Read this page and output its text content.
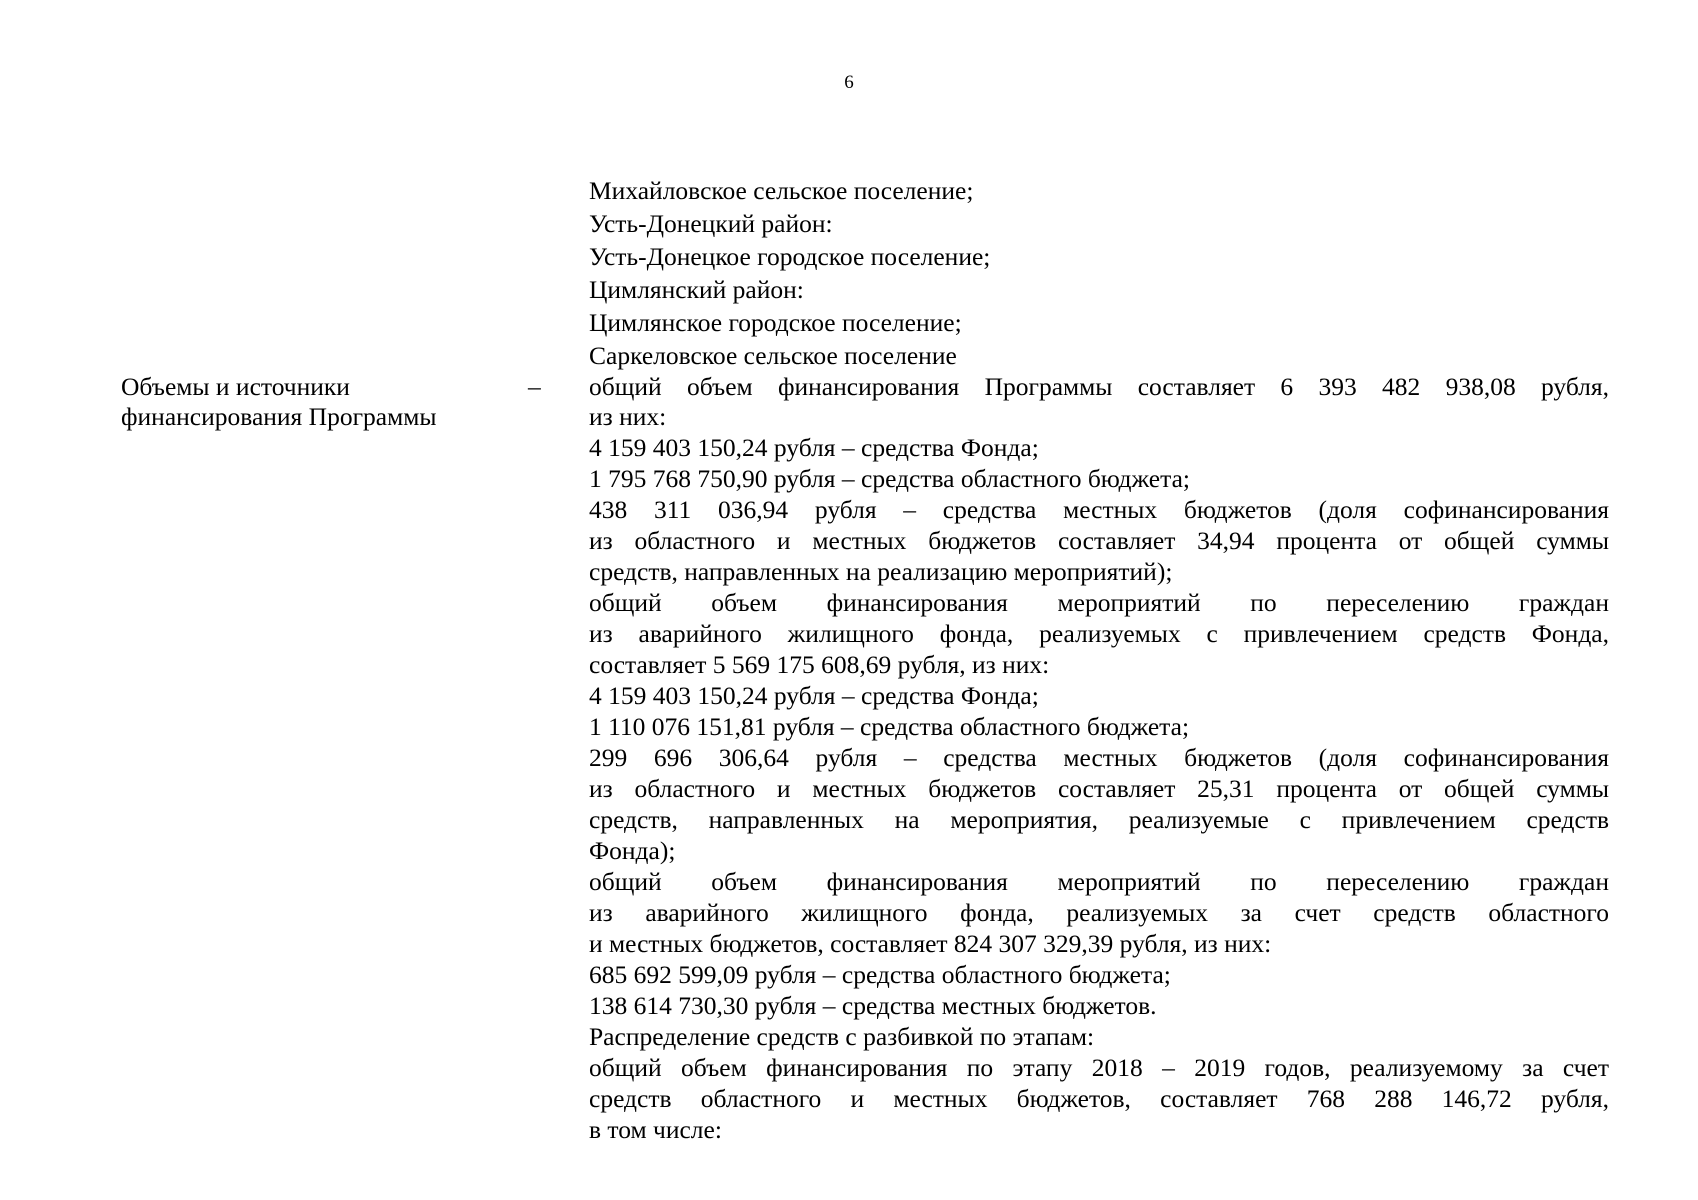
6
Объемы и источники
финансирования Программы
–
Михайловское сельское поселение;
Усть-Донецкий район:
Усть-Донецкое городское поселение;
Цимлянский район:
Цимлянское городское поселение;
Саркеловское сельское поселение
общий объем финансирования Программы составляет 6 393 482 938,08 рубля,
из них:
4 159 403 150,24 рубля – средства Фонда;
1 795 768 750,90 рубля – средства областного бюджета;
438 311 036,94 рубля – средства местных бюджетов (доля софинансирования
из областного и местных бюджетов составляет 34,94 процента от общей суммы
средств, направленных на реализацию мероприятий);
общий объем финансирования мероприятий по переселению граждан
из аварийного жилищного фонда, реализуемых с привлечением средств Фонда,
составляет 5 569 175 608,69 рубля, из них:
4 159 403 150,24 рубля – средства Фонда;
1 110 076 151,81 рубля – средства областного бюджета;
299 696 306,64 рубля – средства местных бюджетов (доля софинансирования
из областного и местных бюджетов составляет 25,31 процента от общей суммы
средств, направленных на мероприятия, реализуемые с привлечением средств
Фонда);
общий объем финансирования мероприятий по переселению граждан
из аварийного жилищного фонда, реализуемых за счет средств областного
и местных бюджетов, составляет 824 307 329,39 рубля, из них:
685 692 599,09 рубля – средства областного бюджета;
138 614 730,30 рубля – средства местных бюджетов.
Распределение средств с разбивкой по этапам:
общий объем финансирования по этапу 2018 – 2019 годов, реализуемому за счет
средств областного и местных бюджетов, составляет 768 288 146,72 рубля,
в том числе:
